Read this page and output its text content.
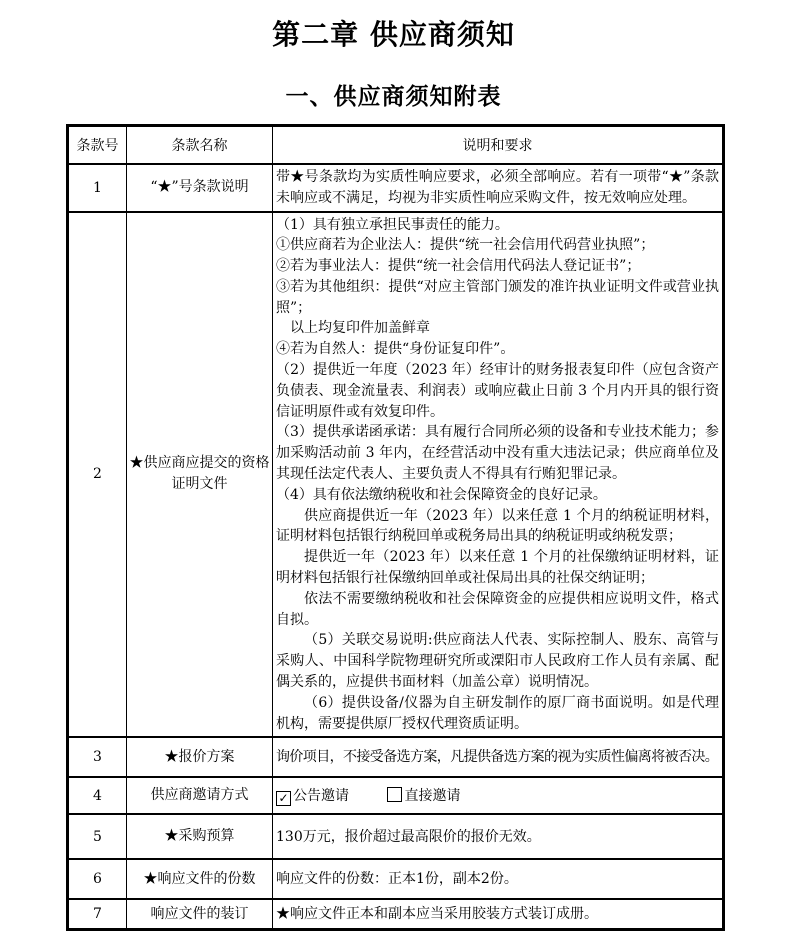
第二章 供应商须知
一、供应商须知附表
条款号	条款名称	说明和要求
1	“★”号条款说明	带★号条款均为实质性响应要求，必须全部响应。若有一项带“★”条款未响应或不满足，均视为非实质性响应采购文件，按无效响应处理。

2	★供应商应提交的资格证明文件	

（1）具有独立承担民事责任的能力。

①供应商若为企业法人：提供“统一社会信用代码营业执照”；

②若为事业法人：提供“统一社会信用代码法人登记证书”；

③若为其他组织：提供“对应主管部门颁发的准许执业证明文件或营业执照”；

以上均复印件加盖鲜章

④若为自然人：提供“身份证复印件”。

（2）提供近一年度（2023 年）经审计的财务报表复印件（应包含资产负债表、现金流量表、利润表）或响应截止日前 3 个月内开具的银行资信证明原件或有效复印件。

（3）提供承诺函承诺：具有履行合同所必须的设备和专业技术能力；参加采购活动前 3 年内，在经营活动中没有重大违法记录；供应商单位及其现任法定代表人、主要负责人不得具有行贿犯罪记录。

（4）具有依法缴纳税收和社会保障资金的良好记录。

供应商提供近一年（2023 年）以来任意 1 个月的纳税证明材料，证明材料包括银行纳税回单或税务局出具的纳税证明或纳税发票；

提供近一年（2023 年）以来任意 1 个月的社保缴纳证明材料，证明材料包括银行社保缴纳回单或社保局出具的社保交纳证明；

依法不需要缴纳税收和社会保障资金的应提供相应说明文件，格式自拟。

（5）关联交易说明:供应商法人代表、实际控制人、股东、高管与采购人、中国科学院物理研究所或溧阳市人民政府工作人员有亲属、配偶关系的，应提供书面材料（加盖公章）说明情况。

（6）提供设备/仪器为自主研发制作的原厂商书面说明。如是代理机构，需要提供原厂授权代理资质证明。

3	★报价方案	询价项目，不接受备选方案，凡提供备选方案的视为实质性偏离将被否决。

4	供应商邀请方式	✓ 公告邀请 直接邀请
5	★采购预算	130万元，报价超过最高限价的报价无效。

6	★响应文件的份数	响应文件的份数：正本1份，副本2份。

7	响应文件的装订	★响应文件正本和副本应当采用胶装方式装订成册。
